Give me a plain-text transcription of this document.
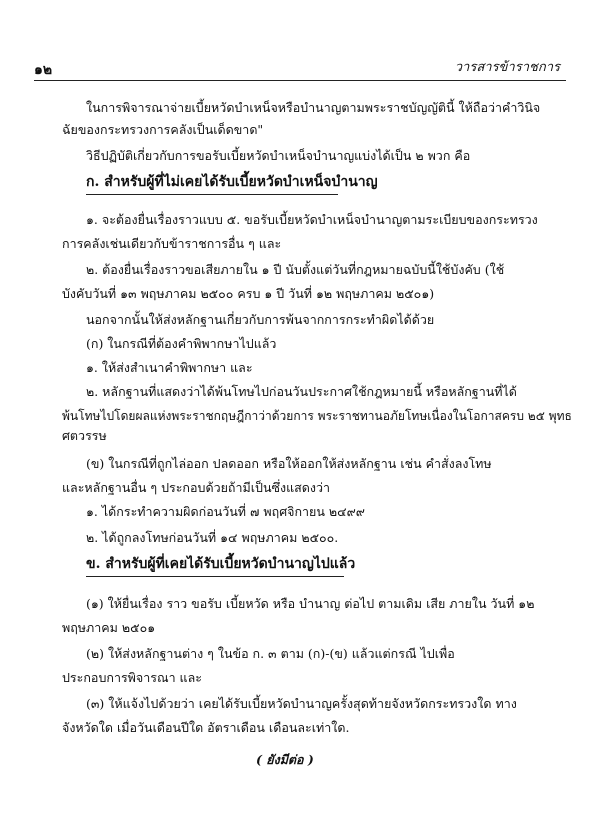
๑๒	วารสารข้าราชการ
ในการพิจารณาจ่ายเบี้ยหวัดบำเหน็จหรือบำนาญตามพระราชบัญญัตินี้ ให้ถือว่าคำวินิจ
ฉัยของกระทรวงการคลังเป็นเด็ดขาด"
วิธีปฏิบัติเกี่ยวกับการขอรับเบี้ยหวัดบำเหน็จบำนาญแบ่งได้เป็น ๒ พวก คือ
ก. สำหรับผู้ที่ไม่เคยได้รับเบี้ยหวัดบำเหน็จบำนาญ
๑. จะต้องยื่นเรื่องราวแบบ ๕. ขอรับเบี้ยหวัดบำเหน็จบำนาญตามระเบียบของกระทรวง
การคลังเช่นเดียวกับข้าราชการอื่น ๆ และ
๒. ต้องยื่นเรื่องราวขอเสียภายใน ๑ ปี นับตั้งแต่วันที่กฎหมายฉบับนี้ใช้บังคับ (ใช้
บังคับวันที่ ๑๓ พฤษภาคม ๒๕๐๐ ครบ ๑ ปี วันที่ ๑๒ พฤษภาคม ๒๕๐๑)
นอกจากนั้นให้ส่งหลักฐานเกี่ยวกับการพ้นจากการกระทำผิดได้ด้วย
(ก) ในกรณีที่ต้องคำพิพากษาไปแล้ว
๑. ให้ส่งสำเนาคำพิพากษา และ
๒. หลักฐานที่แสดงว่าได้พ้นโทษไปก่อนวันประกาศใช้กฎหมายนี้ หรือหลักฐานที่ได้
พ้นโทษไปโดยผลแห่งพระราชกฤษฎีกาว่าด้วยการ พระราชทานอภัยโทษเนื่องในโอกาสครบ ๒๕ พุทธ
ศตวรรษ
(ข) ในกรณีที่ถูกไล่ออก ปลดออก หรือให้ออกให้ส่งหลักฐาน เช่น คำสั่งลงโทษ
และหลักฐานอื่น ๆ ประกอบด้วยถ้ามีเป็นซึ่งแสดงว่า
๑. ได้กระทำความผิดก่อนวันที่ ๗ พฤศจิกายน ๒๔๙๙
๒. ได้ถูกลงโทษก่อนวันที่ ๑๔ พฤษภาคม ๒๕๐๐.
ข. สำหรับผู้ที่เคยได้รับเบี้ยหวัดบำนาญไปแล้ว
(๑) ให้ยื่นเรื่อง ราว ขอรับ เบี้ยหวัด หรือ บำนาญ ต่อไป ตามเดิม เสีย ภายใน วันที่ ๑๒
พฤษภาคม ๒๕๐๑
(๒) ให้ส่งหลักฐานต่าง ๆ ในข้อ ก. ๓ ตาม (ก)-(ข) แล้วแต่กรณี ไปเพื่อ
ประกอบการพิจารณา และ
(๓) ให้แจ้งไปด้วยว่า เคยได้รับเบี้ยหวัดบำนาญครั้งสุดท้ายจังหวัดกระทรวงใด ทาง
จังหวัดใด เมื่อวันเดือนปีใด อัตราเดือน เดือนละเท่าใด.
( ยังมีต่อ )
